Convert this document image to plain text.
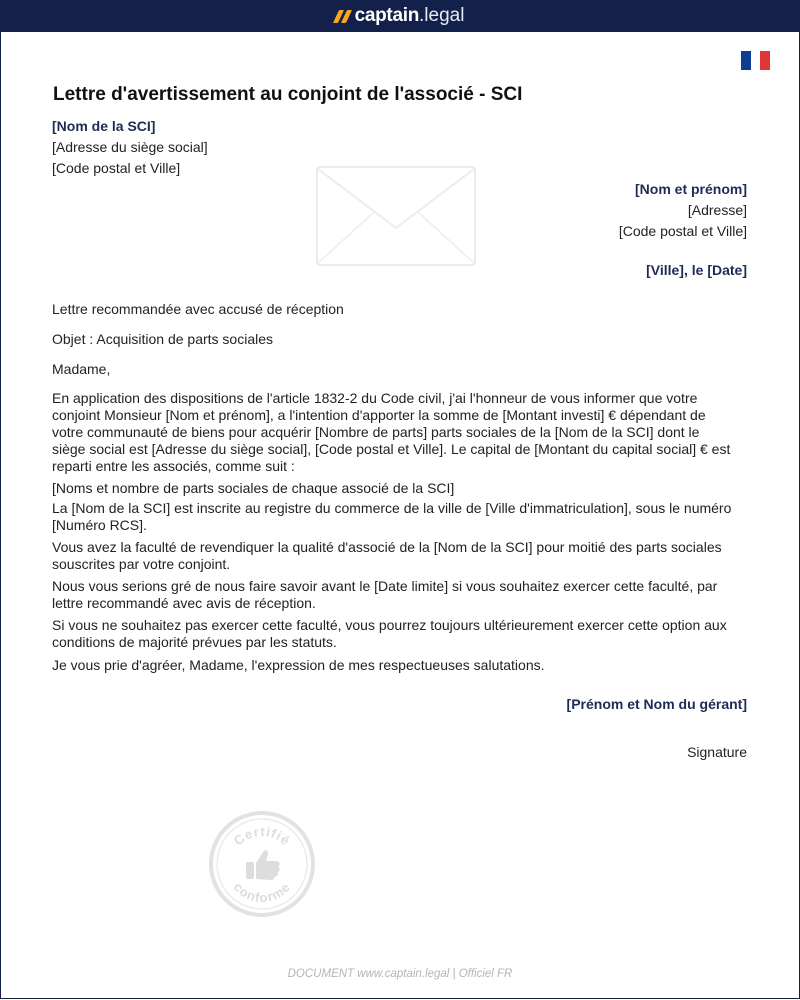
captain .legal
Lettre d'avertissement au conjoint de l'associé - SCI
[Nom de la SCI]
[Adresse du siège social]
[Code postal et Ville]
[Nom et prénom]
[Adresse]
[Code postal et Ville]
[Ville], le [Date]
Lettre recommandée avec accusé de réception
Objet : Acquisition de parts sociales
Madame,

En application des dispositions de l'article 1832-2 du Code civil, j'ai l'honneur de vous informer que votre conjoint Monsieur [Nom et prénom], a l'intention d'apporter la somme de [Montant investi] € dépendant de votre communauté de biens pour acquérir [Nombre de parts] parts sociales de la [Nom de la SCI] dont le siège social est [Adresse du siège social], [Code postal et Ville]. Le capital de [Montant du capital social] € est reparti entre les associés, comme suit :

[Noms et nombre de parts sociales de chaque associé de la SCI]

La [Nom de la SCI] est inscrite au registre du commerce de la ville de [Ville d'immatriculation], sous le numéro [Numéro RCS].

Vous avez la faculté de revendiquer la qualité d'associé de la [Nom de la SCI] pour moitié des parts sociales souscrites par votre conjoint.

Nous vous serions gré de nous faire savoir avant le [Date limite] si vous souhaitez exercer cette faculté, par lettre recommandé avec avis de réception.

Si vous ne souhaitez pas exercer cette faculté, vous pourrez toujours ultérieurement exercer cette option aux conditions de majorité prévues par les statuts.

Je vous prie d'agréer, Madame, l'expression de mes respectueuses salutations.

[Prénom et Nom du gérant]
Signature
Certifié
conforme
DOCUMENT www.captain.legal | Officiel FR
